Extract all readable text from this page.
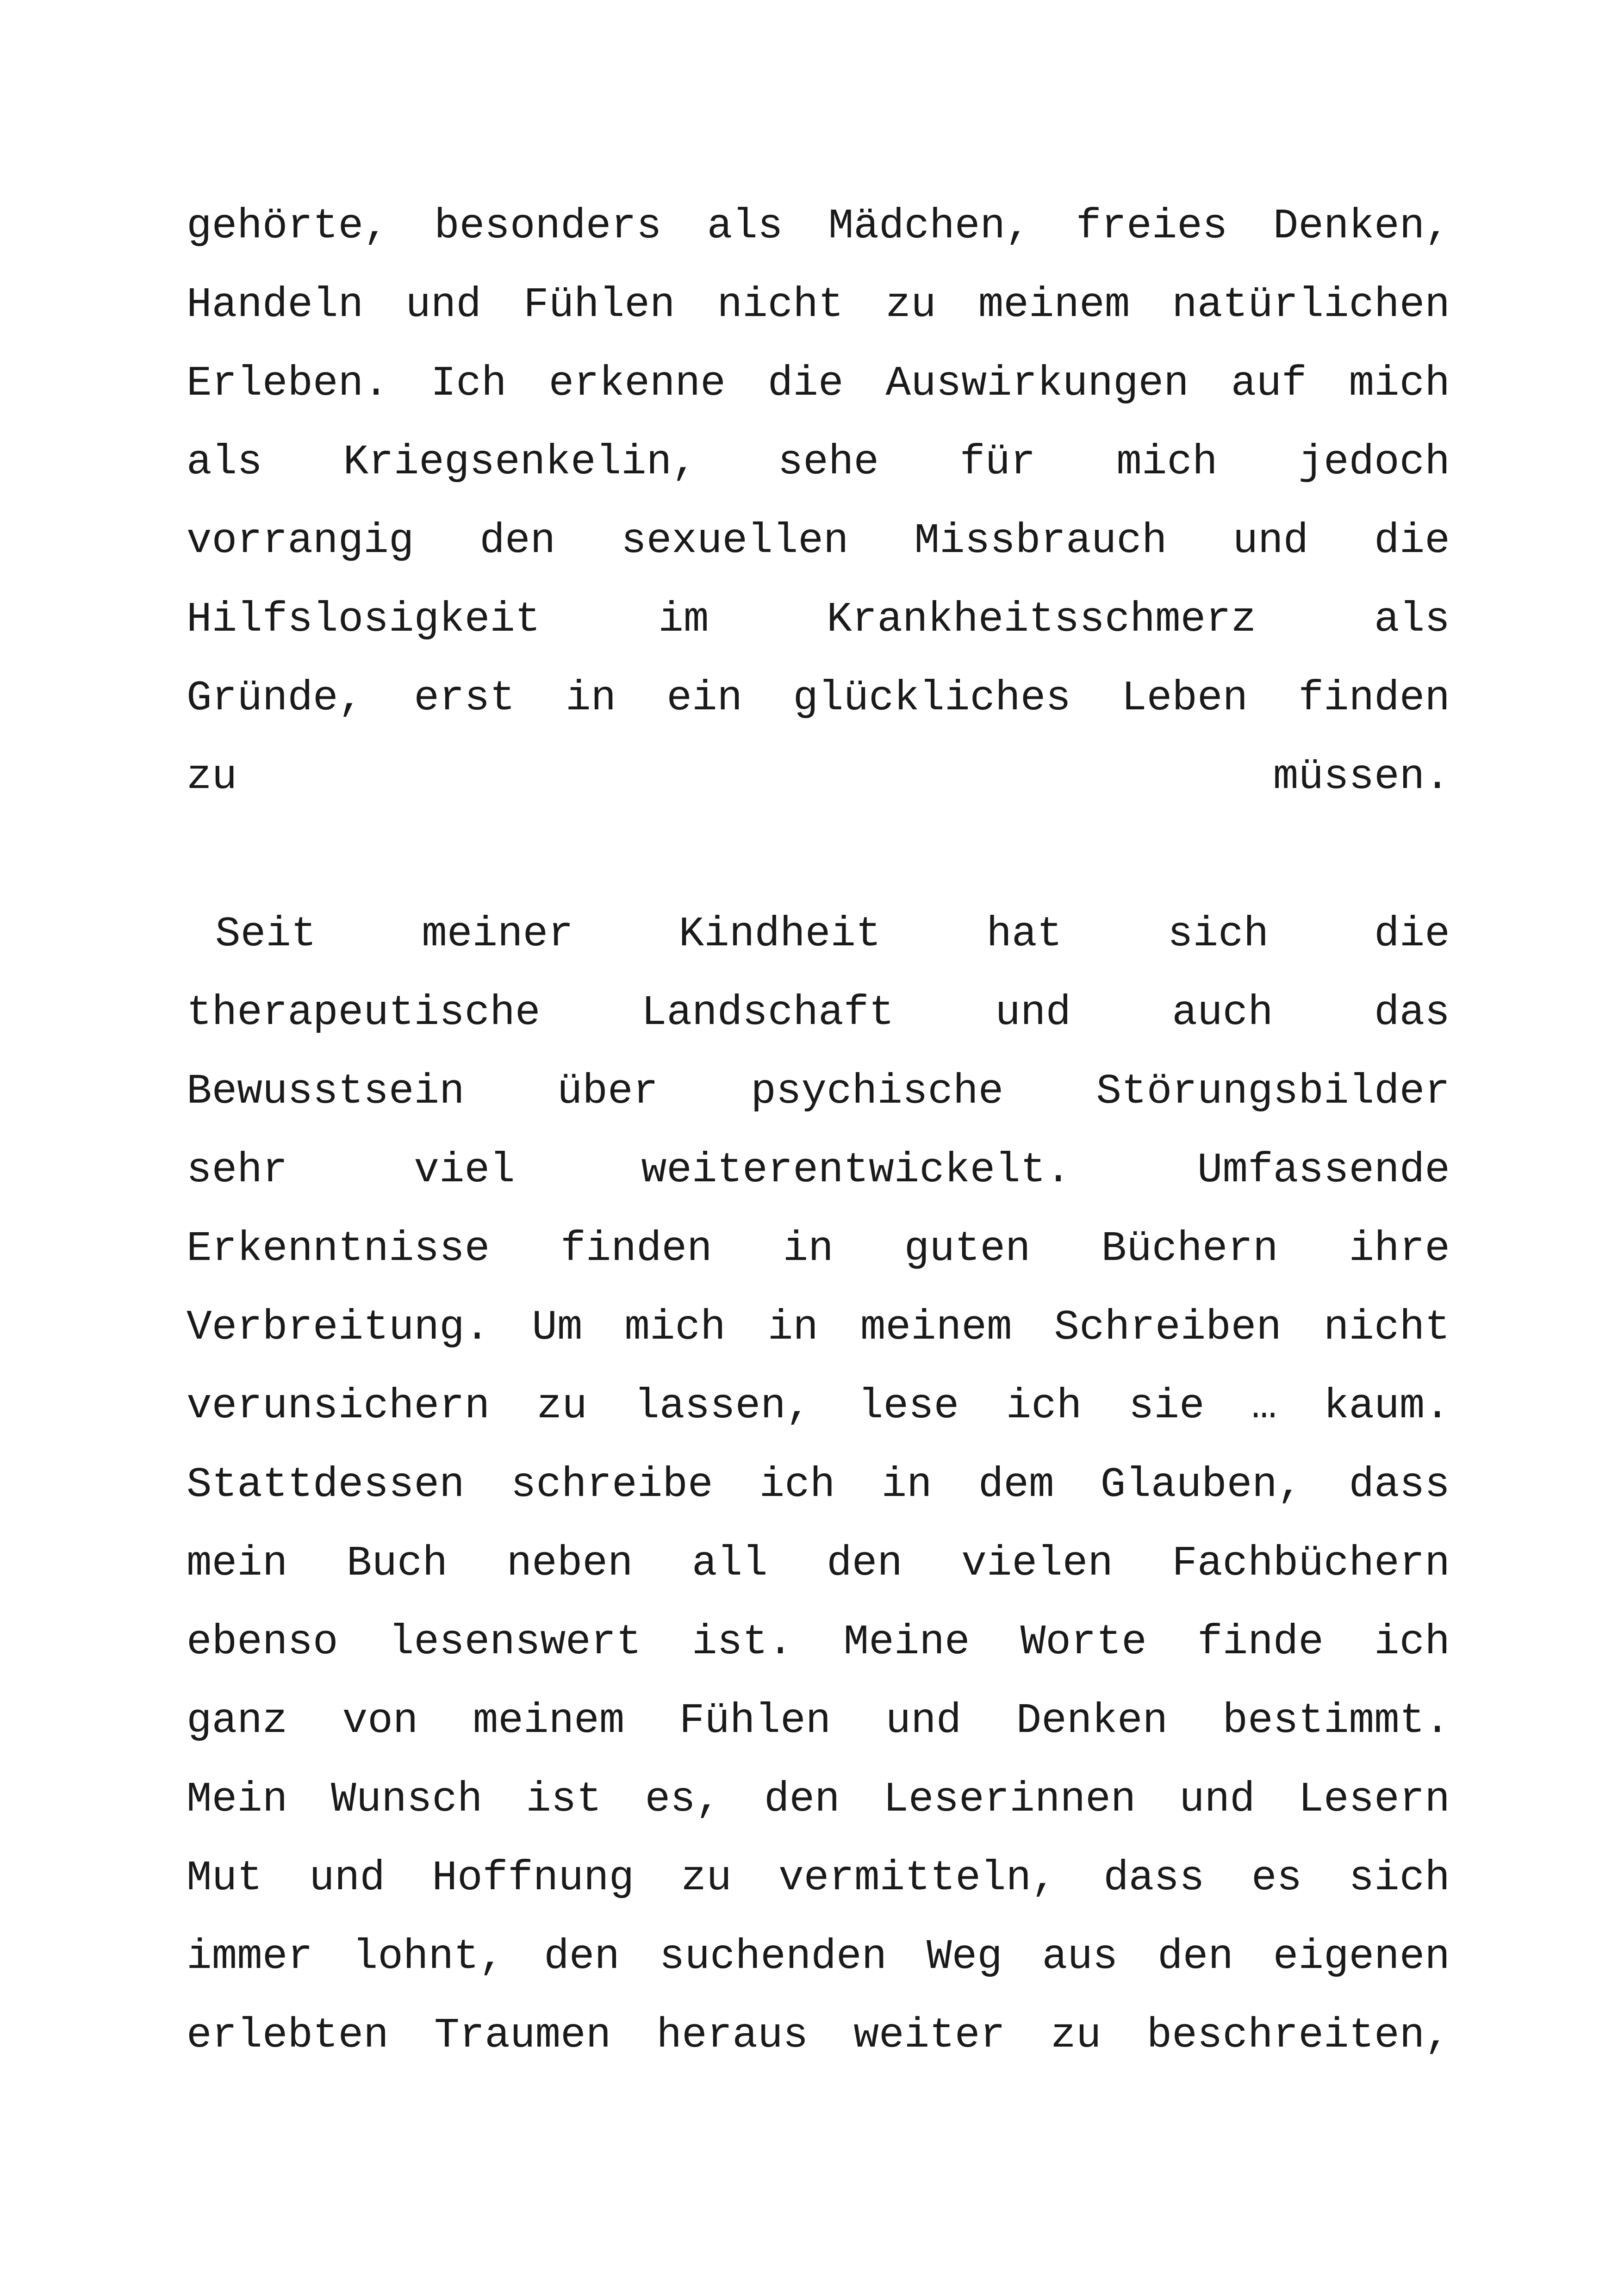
gehörte, besonders als Mädchen, freies Denken,
Handeln und Fühlen nicht zu meinem natürlichen
Erleben. Ich erkenne die Auswirkungen auf mich
als Kriegsenkelin, sehe für mich jedoch
vorrangig den sexuellen Missbrauch und die
Hilfslosigkeit im Krankheitsschmerz als
Gründe, erst in ein glückliches Leben finden
zu müssen.
Seit meiner Kindheit hat sich die
therapeutische Landschaft und auch das
Bewusstsein über psychische Störungsbilder
sehr viel weiterentwickelt. Umfassende
Erkenntnisse finden in guten Büchern ihre
Verbreitung. Um mich in meinem Schreiben nicht
verunsichern zu lassen, lese ich sie … kaum.
Stattdessen schreibe ich in dem Glauben, dass
mein Buch neben all den vielen Fachbüchern
ebenso lesenswert ist. Meine Worte finde ich
ganz von meinem Fühlen und Denken bestimmt.
Mein Wunsch ist es, den Leserinnen und Lesern
Mut und Hoffnung zu vermitteln, dass es sich
immer lohnt, den suchenden Weg aus den eigenen
erlebten Traumen heraus weiter zu beschreiten,
